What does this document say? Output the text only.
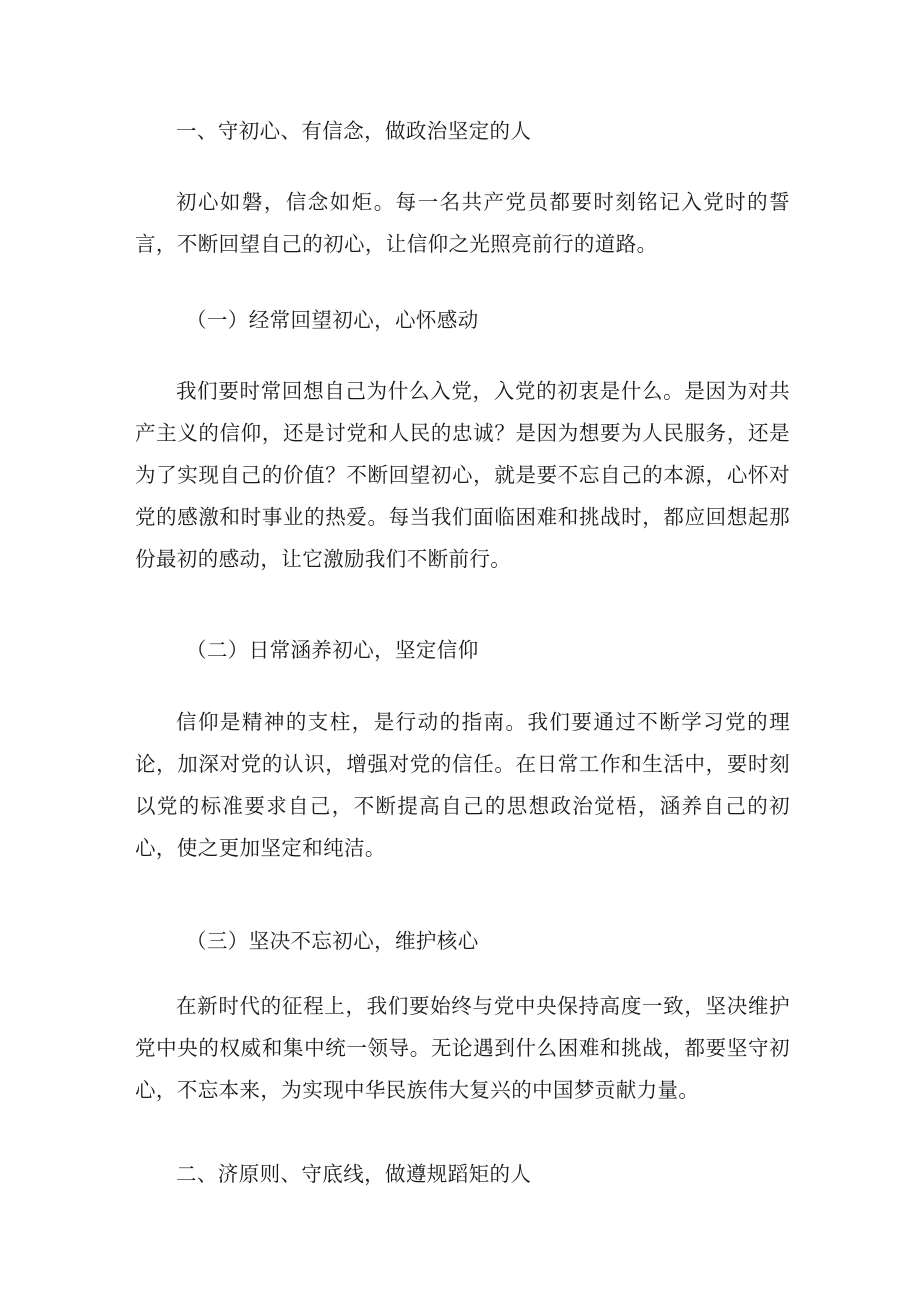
一、守初心、有信念，做政治坚定的人

初心如磐，信念如炬。每一名共产党员都要时刻铭记入党时的誓言，不断回望自己的初心，让信仰之光照亮前行的道路。

（一）经常回望初心，心怀感动

我们要时常回想自己为什么入党，入党的初衷是什么。是因为对共产主义的信仰，还是讨党和人民的忠诚？是因为想要为人民服务，还是为了实现自己的价值？不断回望初心，就是要不忘自己的本源，心怀对党的感激和时事业的热爱。每当我们面临困难和挑战时，都应回想起那份最初的感动，让它激励我们不断前行。

（二）日常涵养初心，坚定信仰

信仰是精神的支柱，是行动的指南。我们要通过不断学习党的理论，加深对党的认识，增强对党的信任。在日常工作和生活中，要时刻以党的标准要求自己，不断提高自己的思想政治觉梧，涵养自己的初心，使之更加坚定和纯洁。

（三）坚决不忘初心，维护核心

在新时代的征程上，我们要始终与党中央保持高度一致，坚决维护党中央的权威和集中统一领导。无论遇到什么困难和挑战，都要坚守初心，不忘本来，为实现中华民族伟大复兴的中国梦贡献力量。

二、济原则、守底线，做遵规蹈矩的人
